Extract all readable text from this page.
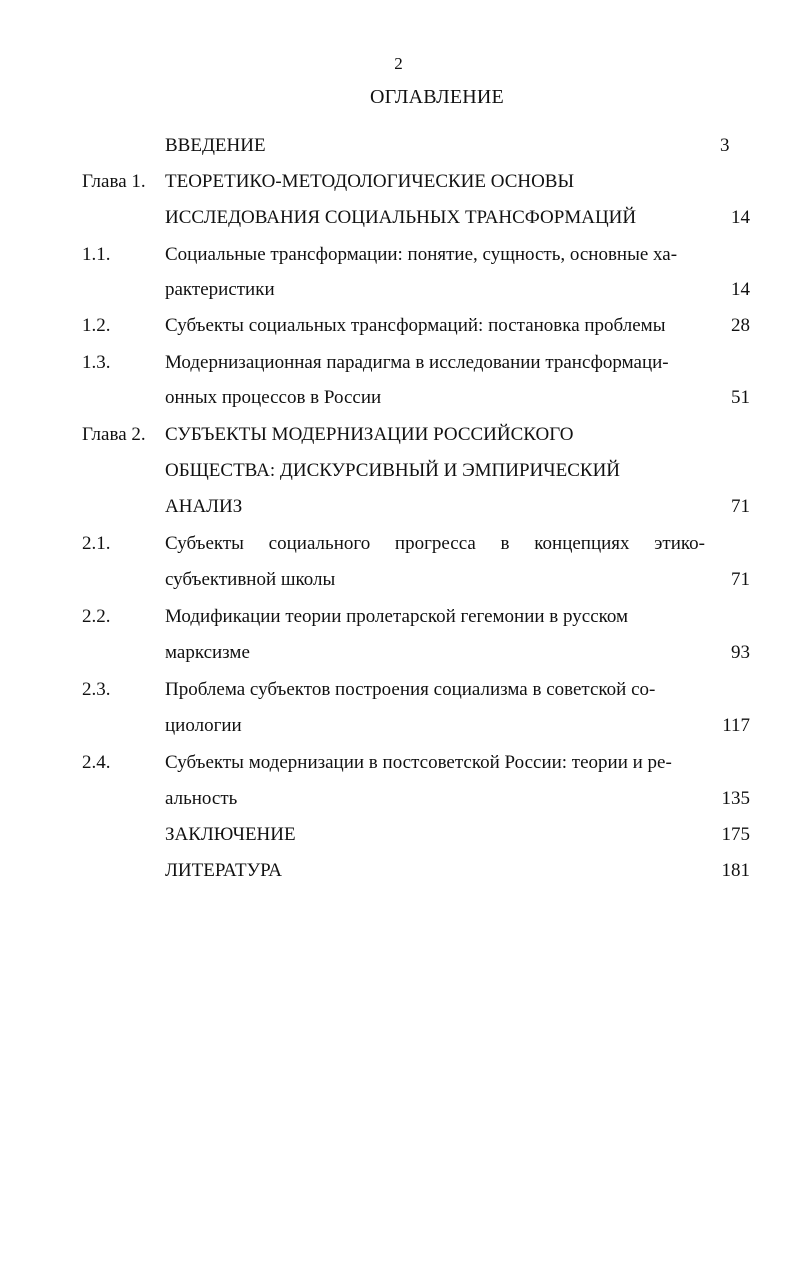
2
ОГЛАВЛЕНИЕ
ВВЕДЕНИЕ	3
Глава 1. ТЕОРЕТИКО-МЕТОДОЛОГИЧЕСКИЕ ОСНОВЫ
ИССЛЕДОВАНИЯ СОЦИАЛЬНЫХ ТРАНСФОРМАЦИЙ	14
1.1.	Социальные трансформации: понятие, сущность, основные ха-
рактеристики	14
1.2.	Субъекты социальных трансформаций: постановка проблемы	28
1.3.	Модернизационная парадигма в исследовании трансформаци-
онных процессов в России	51
Глава 2. СУБЪЕКТЫ МОДЕРНИЗАЦИИ РОССИЙСКОГО
ОБЩЕСТВА: ДИСКУРСИВНЫЙ И ЭМПИРИЧЕСКИЙ
АНАЛИЗ	71
2.1.	Субъекты социального прогресса в концепциях этико-
субъективной школы	71
2.2.	Модификации теории пролетарской гегемонии в русском
марксизме	93
2.3.	Проблема субъектов построения социализма в советской со-
циологии	117
2.4.	Субъекты модернизации в постсоветской России: теории и ре-
альность	135
ЗАКЛЮЧЕНИЕ	175
ЛИТЕРАТУРА	181
